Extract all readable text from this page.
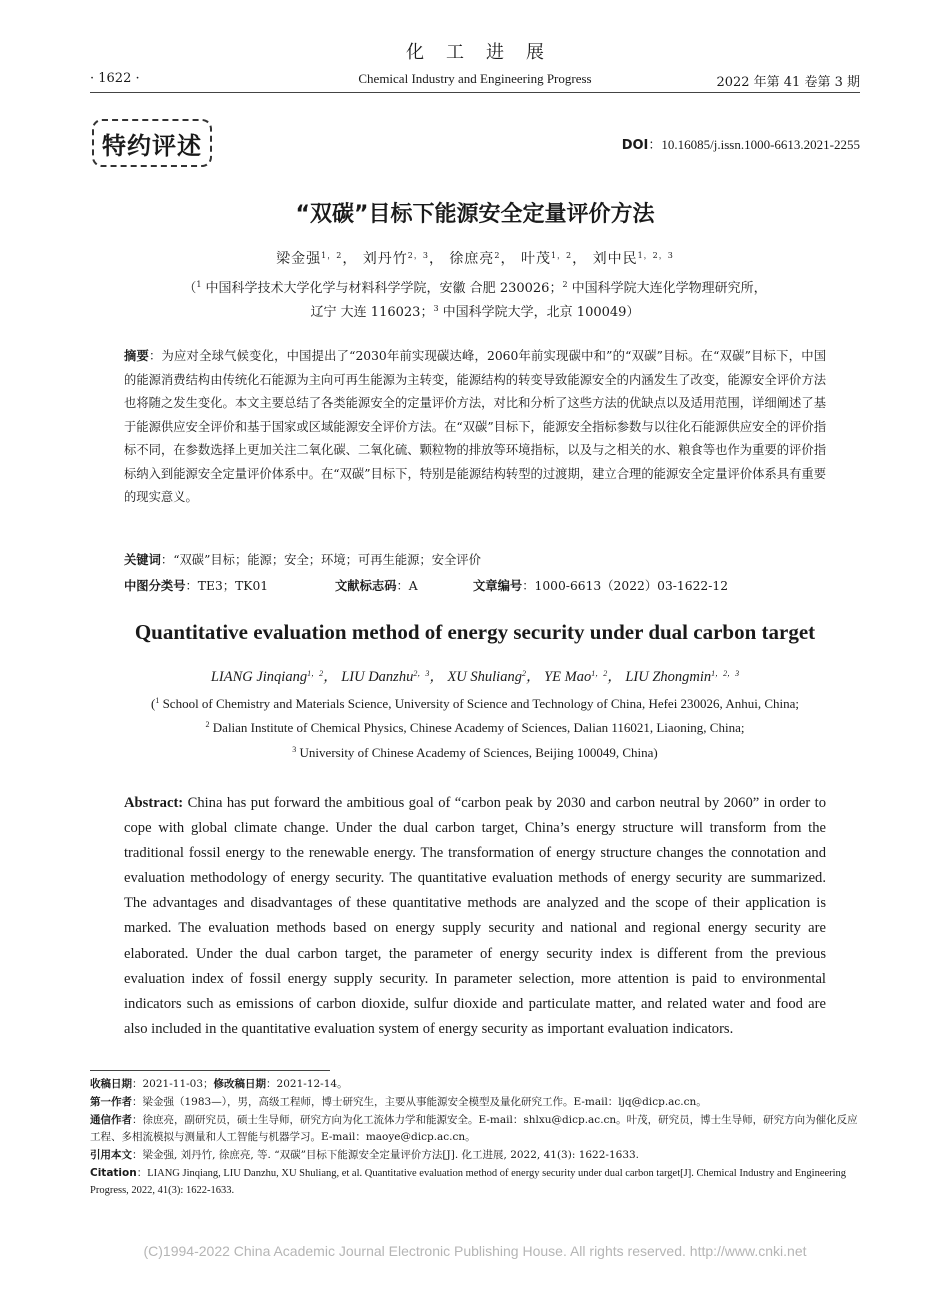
化工进展
· 1622 ·	Chemical Industry and Engineering Progress	2022 年第 41 卷第 3 期
特约评述	DOI：10.16085/j.issn.1000-6613.2021-2255
“双碳”目标下能源安全定量评价方法
梁金强$^{1,2}$， 刘丹竹$^{2,3}$， 徐庶亮$^2$， 叶茂$^{1,2}$， 刘中民$^{1,2,3}$
（$^1$ 中国科学技术大学化学与材料科学学院，安徽 合肥 230026；$^2$ 中国科学院大连化学物理研究所，
辽宁 大连 116023；$^3$ 中国科学院大学，北京 100049）
摘要：为应对全球气候变化，中国提出了“2030年前实现碳达峰，2060年前实现碳中和”的“双碳”目标。在“双碳”目标下，中国的能源消费结构由传统化石能源为主向可再生能源为主转变，能源结构的转变导致能源安全的内涵发生了改变，能源安全评价方法也将随之发生变化。本文主要总结了各类能源安全的定量评价方法，对比和分析了这些方法的优缺点以及适用范围，详细阐述了基于能源供应安全评价和基于国家或区域能源安全评价方法。在“双碳”目标下，能源安全指标参数与以往化石能源供应安全的评价指标不同，在参数选择上更加关注二氧化碳、二氧化硫、颗粒物的排放等环境指标，以及与之相关的水、粮食等也作为重要的评价指标纳入到能源安全定量评价体系中。在“双碳”目标下，特别是能源结构转型的过渡期，建立合理的能源安全定量评价体系具有重要的现实意义。
关键词：“双碳”目标；能源；安全；环境；可再生能源；安全评价
中图分类号：TE3；TK01	文献标志码：A	文章编号：1000-6613（2022）03-1622-12
Quantitative evaluation method of energy security under dual carbon target
LIANG Jinqiang$^{1,2}$， LIU Danzhu$^{2,3}$， XU Shuliang$^2$， YE Mao$^{1,2}$， LIU Zhongmin$^{1,2,3}$
($^1$ School of Chemistry and Materials Science, University of Science and Technology of China, Hefei 230026, Anhui, China;
$^2$ Dalian Institute of Chemical Physics, Chinese Academy of Sciences, Dalian 116021, Liaoning, China;
$^3$ University of Chinese Academy of Sciences, Beijing 100049, China)
Abstract: China has put forward the ambitious goal of “carbon peak by 2030 and carbon neutral by 2060” in order to cope with global climate change. Under the dual carbon target, China’s energy structure will transform from the traditional fossil energy to the renewable energy. The transformation of energy structure changes the connotation and evaluation methodology of energy security. The quantitative evaluation methods of energy security are summarized. The advantages and disadvantages of these quantitative methods are analyzed and the scope of their application is marked. The evaluation methods based on energy supply security and national and regional energy security are elaborated. Under the dual carbon target, the parameter of energy security index is different from the previous evaluation index of fossil energy supply security. In parameter selection, more attention is paid to environmental indicators such as emissions of carbon dioxide, sulfur dioxide and particulate matter, and related water and food are also included in the quantitative evaluation system of energy security as important evaluation indicators.
收稿日期：2021-11-03；修改稿日期：2021-12-14。
第一作者：梁金强（1983—），男，高级工程师，博士研究生，主要从事能源安全模型及量化研究工作。E-mail：ljq@dicp.ac.cn。
通信作者：徐庶亮，副研究员，硕士生导师，研究方向为化工流体力学和能源安全。E-mail：shlxu@dicp.ac.cn。叶茂，研究员，博士生导师，研究方向为催化反应工程、多相流模拟与测量和人工智能与机器学习。E-mail：maoye@dicp.ac.cn。
引用本文：梁金强, 刘丹竹, 徐庶亮, 等. “双碳”目标下能源安全定量评价方法[J]. 化工进展, 2022, 41(3): 1622-1633.
Citation：LIANG Jinqiang, LIU Danzhu, XU Shuliang, et al. Quantitative evaluation method of energy security under dual carbon target[J]. Chemical Industry and Engineering Progress, 2022, 41(3): 1622-1633.
(C)1994-2022 China Academic Journal Electronic Publishing House. All rights reserved. http://www.cnki.net
